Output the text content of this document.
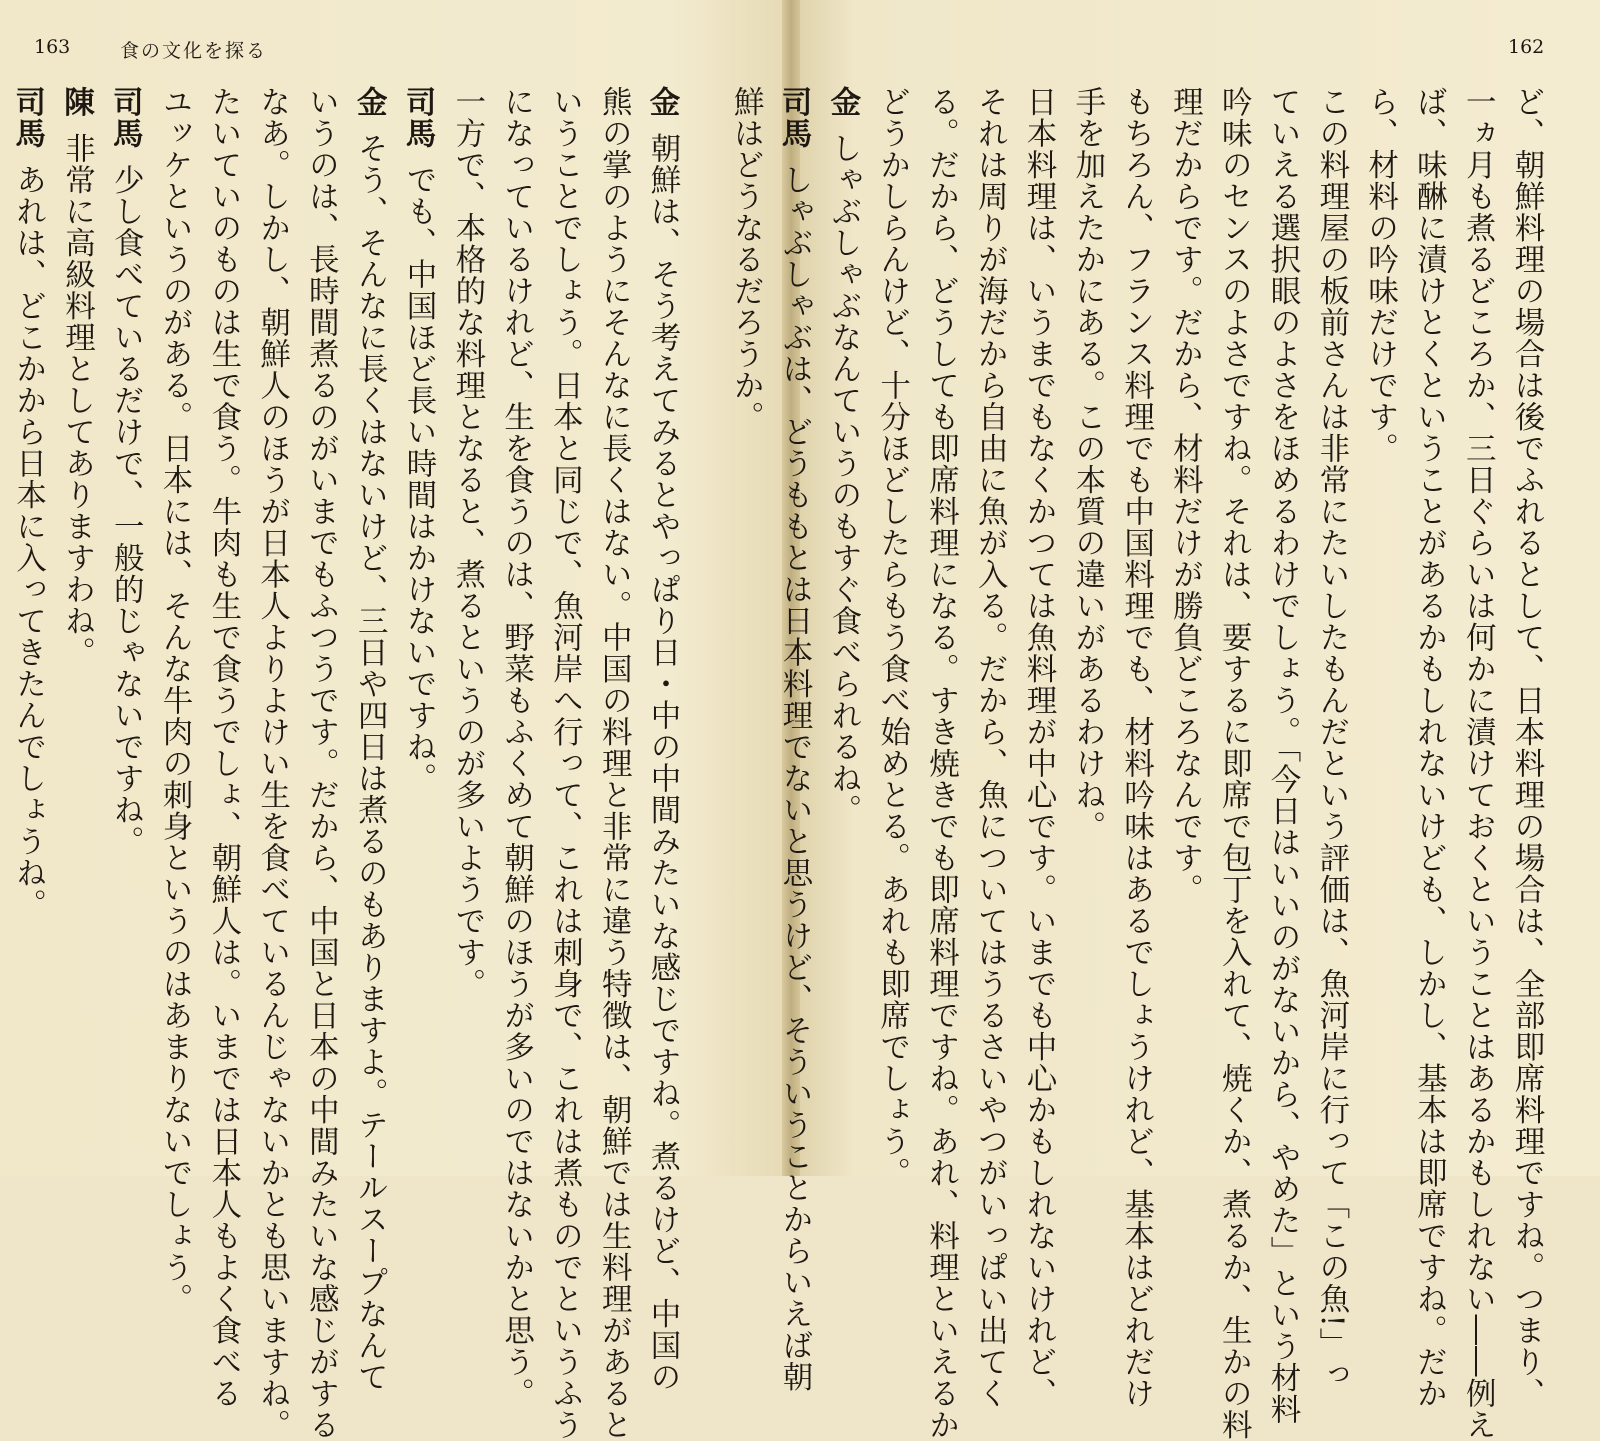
163	食の文化を探る	162
ど、朝鮮料理の場合は後でふれるとして、日本料理の場合は、全部即席料理ですね。つまり、
一ヵ月も煮るどころか、三日ぐらいは何かに漬けておくということはあるかもしれない――例え
ば、味醂に漬けとくということがあるかもしれないけども、しかし、基本は即席ですね。だか
ら、材料の吟味だけです。
この料理屋の板前さんは非常にたいしたもんだという評価は、魚河岸に行って「この魚!」っ
ていえる選択眼のよさをほめるわけでしょう。「今日はいいのがないから、やめた」という材料
吟味のセンスのよさですね。それは、要するに即席で包丁を入れて、焼くか、煮るか、生かの料
理だからです。だから、材料だけが勝負どころなんです。
もちろん、フランス料理でも中国料理でも、材料吟味はあるでしょうけれど、基本はどれだけ
手を加えたかにある。この本質の違いがあるわけね。
日本料理は、いうまでもなくかつては魚料理が中心です。いまでも中心かもしれないけれど、
それは周りが海だから自由に魚が入る。だから、魚についてはうるさいやつがいっぱい出てく
る。だから、どうしても即席料理になる。すき焼きでも即席料理ですね。あれ、料理といえるか
どうかしらんけど、十分ほどしたらもう食べ始めとる。あれも即席でしょう。
金しゃぶしゃぶなんていうのもすぐ食べられるね。
司馬しゃぶしゃぶは、どうももとは日本料理でないと思うけど、そういうことからいえば朝
鮮はどうなるだろうか。
金朝鮮は、そう考えてみるとやっぱり日・中の中間みたいな感じですね。煮るけど、中国の
熊の掌のようにそんなに長くはない。中国の料理と非常に違う特徴は、朝鮮では生料理があると
いうことでしょう。日本と同じで、魚河岸へ行って、これは刺身で、これは煮ものでというふう
になっているけれど、生を食うのは、野菜もふくめて朝鮮のほうが多いのではないかと思う。
一方で、本格的な料理となると、煮るというのが多いようです。
司馬でも、中国ほど長い時間はかけないですね。
金そう、そんなに長くはないけど、三日や四日は煮るのもありますよ。テールスープなんて
いうのは、長時間煮るのがいまでもふつうです。だから、中国と日本の中間みたいな感じがする
なあ。しかし、朝鮮人のほうが日本人よりよけい生を食べているんじゃないかとも思いますね。
たいていのものは生で食う。牛肉も生で食うでしょ、朝鮮人は。いまでは日本人もよく食べる
ユッケというのがある。日本には、そんな牛肉の刺身というのはあまりないでしょう。
司馬少し食べているだけで、一般的じゃないですね。
陳非常に高級料理としてありますわね。
司馬あれは、どこかから日本に入ってきたんでしょうね。
